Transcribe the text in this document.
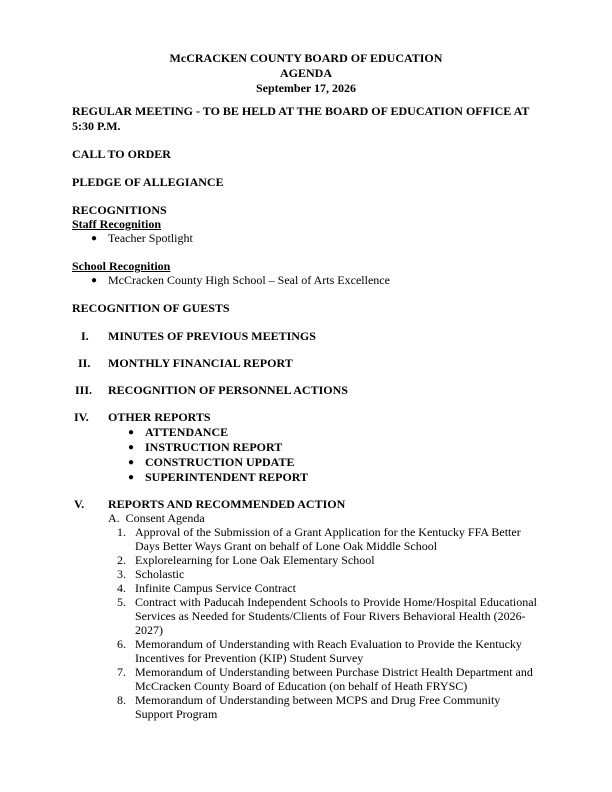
McCRACKEN COUNTY BOARD OF EDUCATION
AGENDA
September 17, 2026
REGULAR MEETING - TO BE HELD AT THE BOARD OF EDUCATION OFFICE AT 5:30 P.M.
CALL TO ORDER
PLEDGE OF ALLEGIANCE
RECOGNITIONS
Staff Recognition
● Teacher Spotlight
School Recognition
● McCracken County High School – Seal of Arts Excellence
RECOGNITION OF GUESTS
I. MINUTES OF PREVIOUS MEETINGS
II. MONTHLY FINANCIAL REPORT
III. RECOGNITION OF PERSONNEL ACTIONS
IV. OTHER REPORTS
● ATTENDANCE
● INSTRUCTION REPORT
● CONSTRUCTION UPDATE
● SUPERINTENDENT REPORT
V. REPORTS AND RECOMMENDED ACTION
A.  Consent Agenda
1. Approval of the Submission of a Grant Application for the Kentucky FFA Better Days Better Ways Grant on behalf of Lone Oak Middle School
2. Explorelearning for Lone Oak Elementary School
3. Scholastic
4. Infinite Campus Service Contract
5. Contract with Paducah Independent Schools to Provide Home/Hospital Educational Services as Needed for Students/Clients of Four Rivers Behavioral Health (2026-2027)
6. Memorandum of Understanding with Reach Evaluation to Provide the Kentucky Incentives for Prevention (KIP) Student Survey
7. Memorandum of Understanding between Purchase District Health Department and McCracken County Board of Education (on behalf of Heath FRYSC)
8. Memorandum of Understanding between MCPS and Drug Free Community Support Program
